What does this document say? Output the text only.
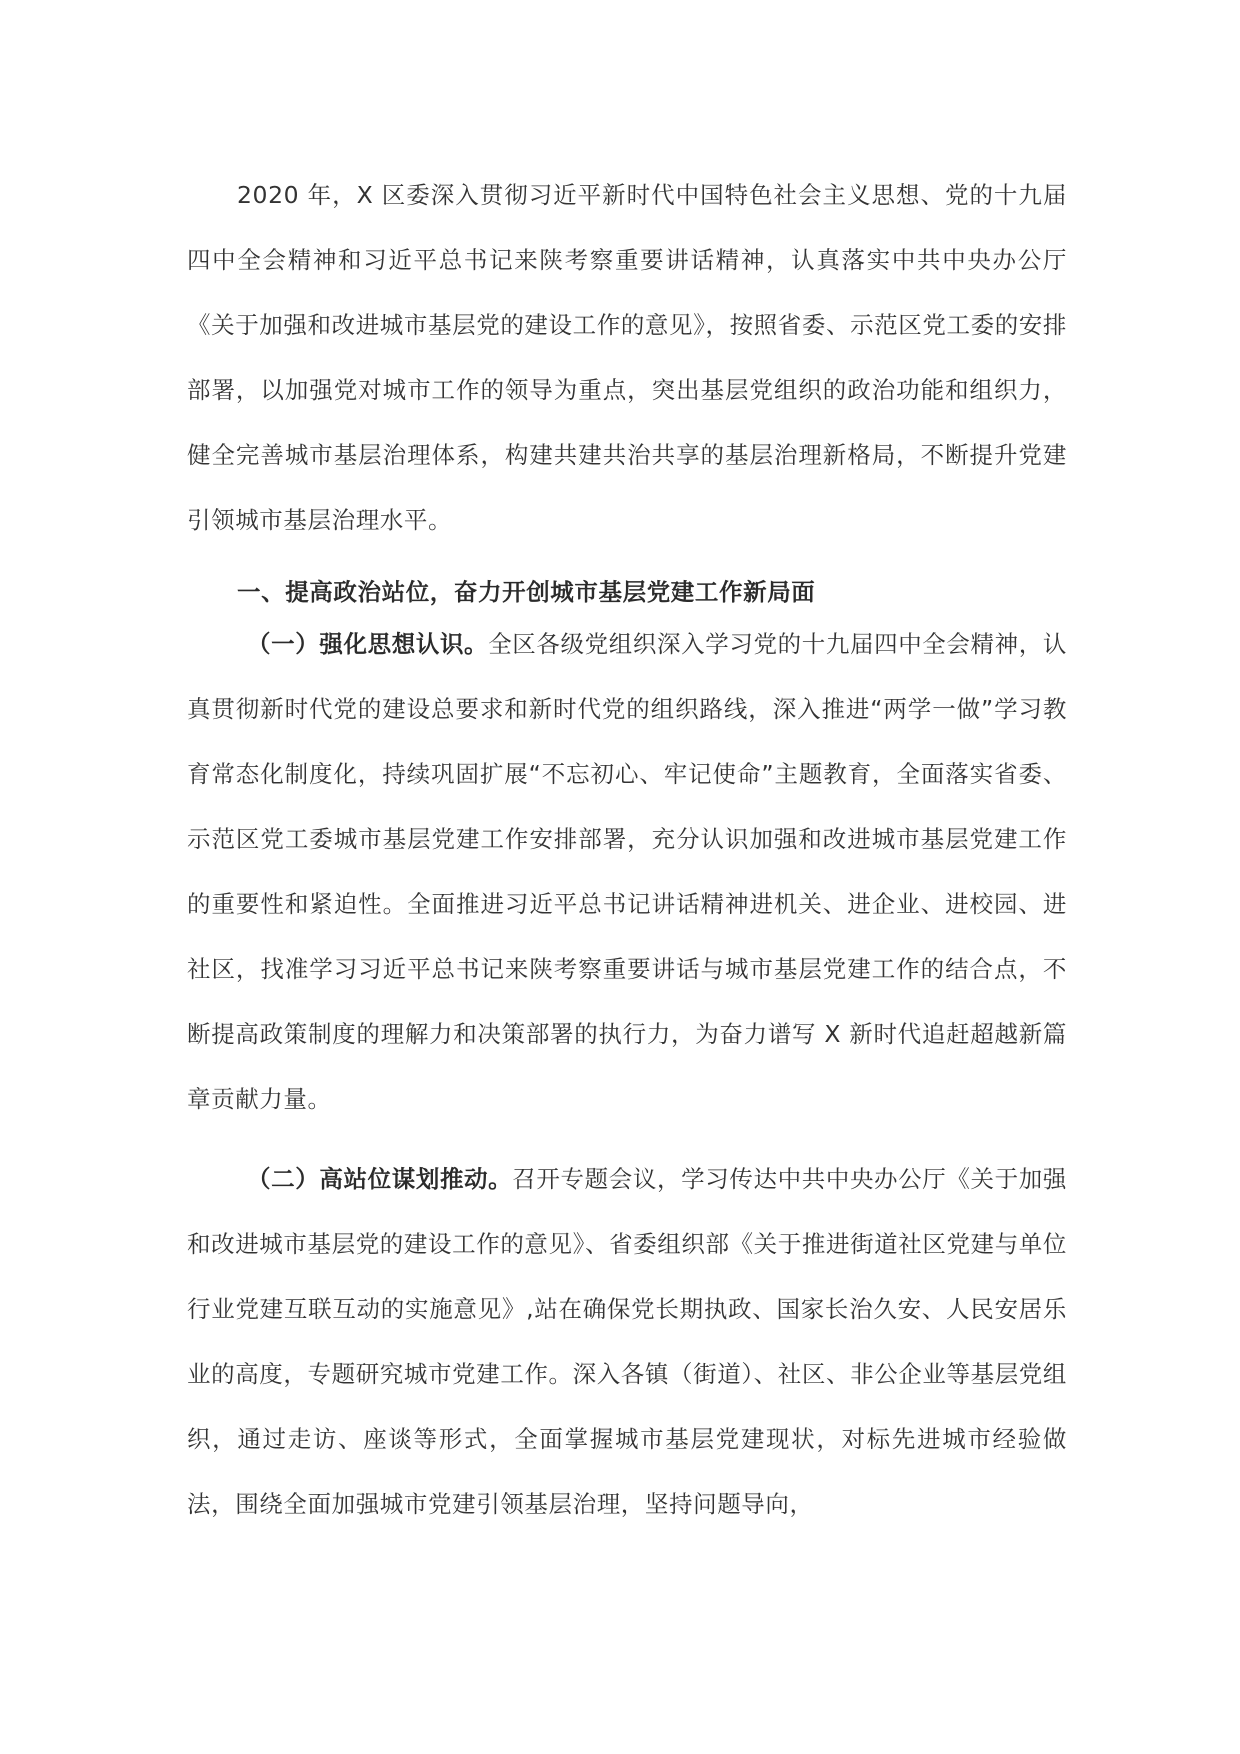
2020 年，X 区委深入贯彻习近平新时代中国特色社会主义思想、党的十九届四中全会精神和习近平总书记来陕考察重要讲话精神，认真落实中共中央办公厅《关于加强和改进城市基层党的建设工作的意见》，按照省委、示范区党工委的安排部署，以加强党对城市工作的领导为重点，突出基层党组织的政治功能和组织力，健全完善城市基层治理体系，构建共建共治共享的基层治理新格局，不断提升党建引领城市基层治理水平。

一、提高政治站位，奋力开创城市基层党建工作新局面

（一）强化思想认识。全区各级党组织深入学习党的十九届四中全会精神，认真贯彻新时代党的建设总要求和新时代党的组织路线，深入推进“两学一做”学习教育常态化制度化，持续巩固扩展“不忘初心、牢记使命”主题教育，全面落实省委、示范区党工委城市基层党建工作安排部署，充分认识加强和改进城市基层党建工作的重要性和紧迫性。全面推进习近平总书记讲话精神进机关、进企业、进校园、进社区，找准学习习近平总书记来陕考察重要讲话与城市基层党建工作的结合点，不断提高政策制度的理解力和决策部署的执行力，为奋力谱写 X 新时代追赶超越新篇章贡献力量。

（二）高站位谋划推动。召开专题会议，学习传达中共中央办公厅《关于加强和改进城市基层党的建设工作的意见》、省委组织部《关于推进街道社区党建与单位行业党建互联互动的实施意见》,站在确保党长期执政、国家长治久安、人民安居乐业的高度，专题研究城市党建工作。深入各镇（街道）、社区、非公企业等基层党组织，通过走访、座谈等形式，全面掌握城市基层党建现状，对标先进城市经验做法，围绕全面加强城市党建引领基层治理，坚持问题导向，
